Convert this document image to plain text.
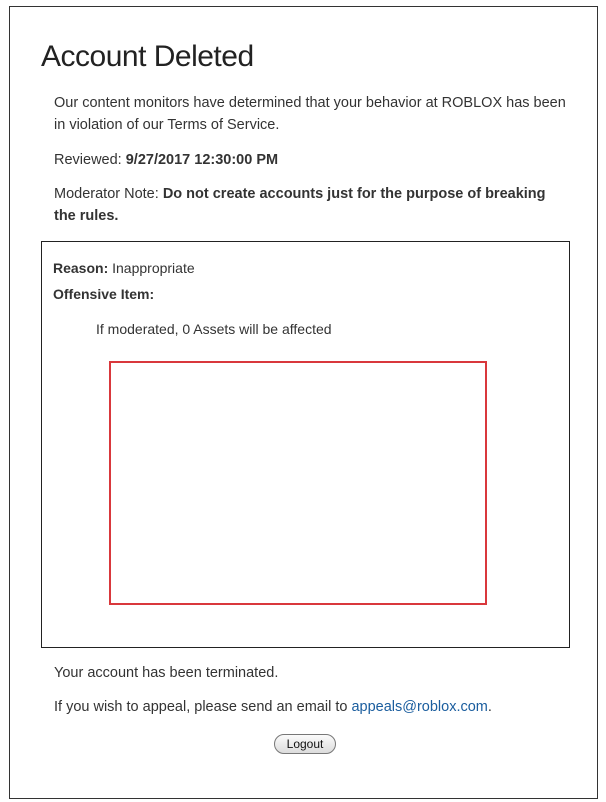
Account Deleted

Our content monitors have determined that your behavior at ROBLOX has been in violation of our Terms of Service.

Reviewed: 9/27/2017 12:30:00 PM

Moderator Note: Do not create accounts just for the purpose of breaking the rules.

Reason: Inappropriate

Offensive Item:

If moderated, 0 Assets will be affected

Your account has been terminated.

If you wish to appeal, please send an email to appeals@roblox.com.

Logout
